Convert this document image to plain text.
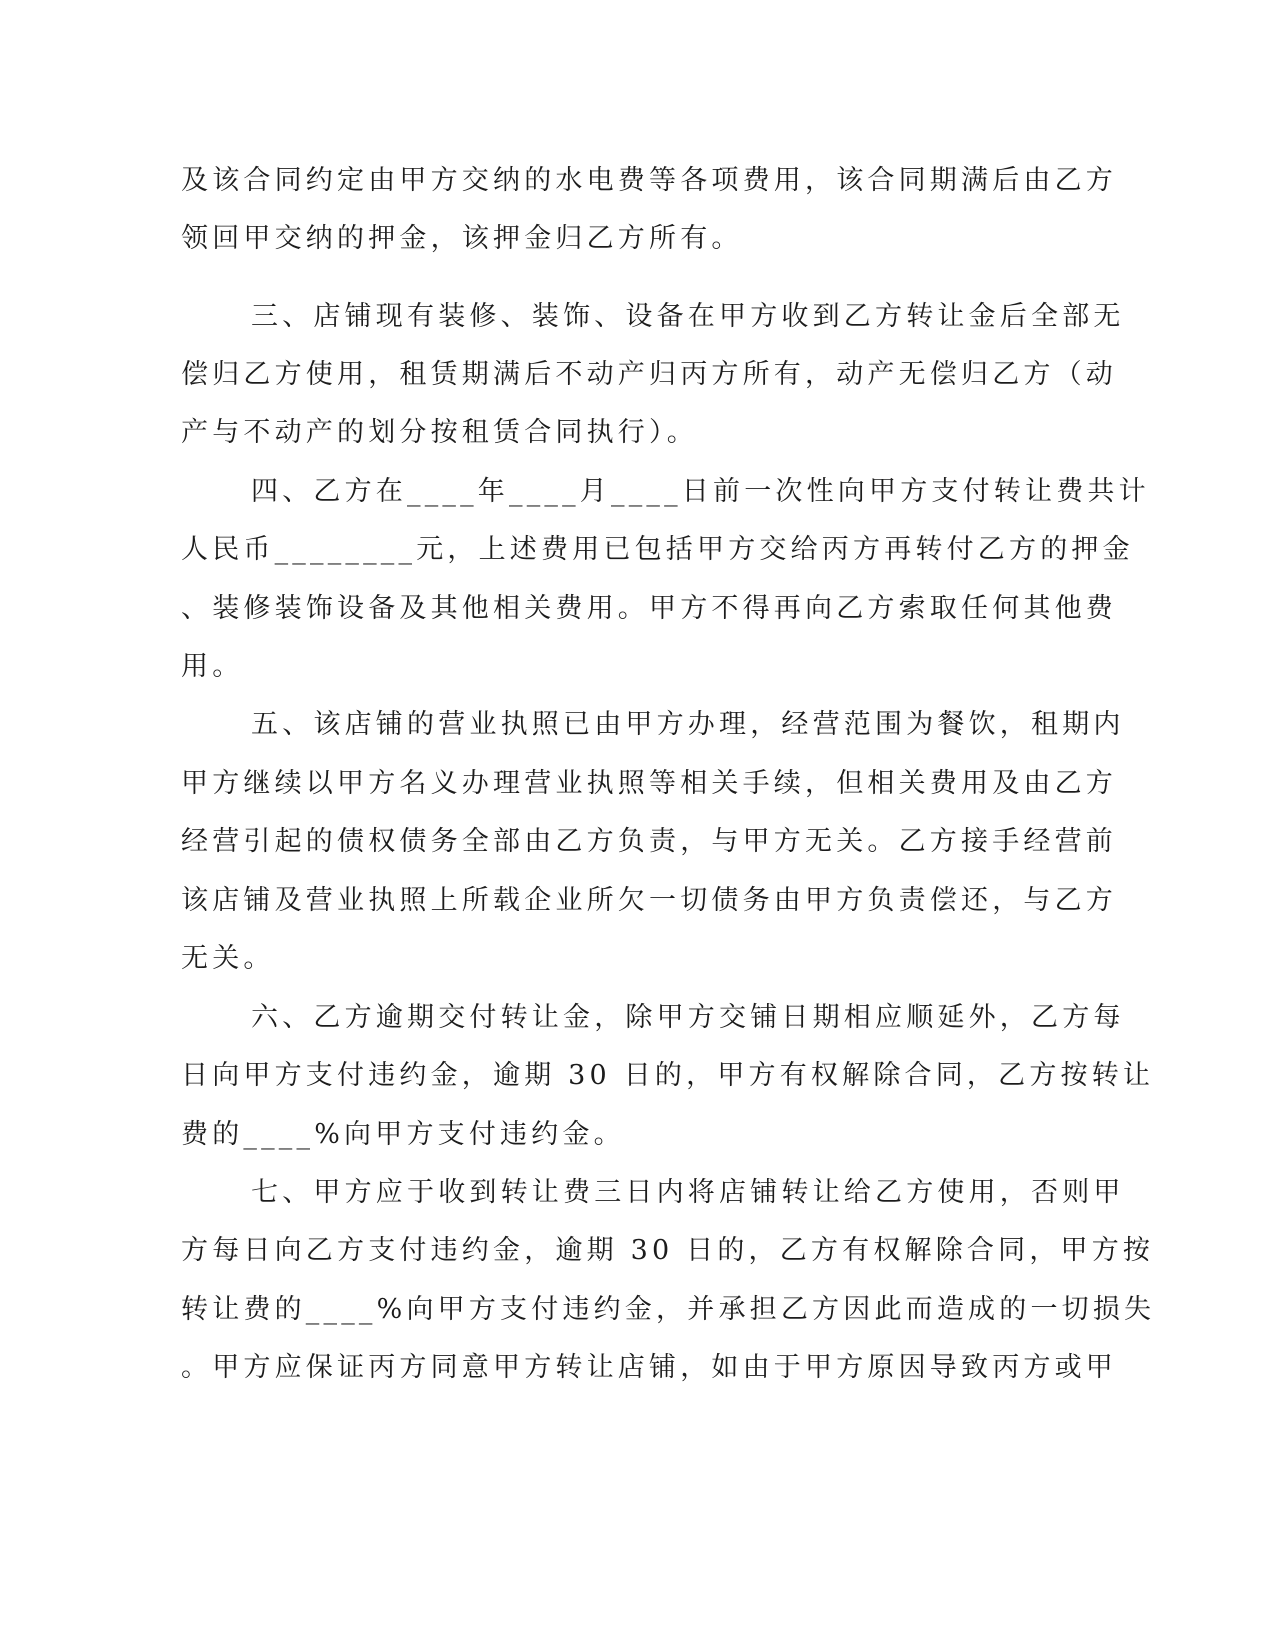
及该合同约定由甲方交纳的水电费等各项费用，该合同期满后由乙方
领回甲交纳的押金，该押金归乙方所有。
三、店铺现有装修、装饰、设备在甲方收到乙方转让金后全部无
偿归乙方使用，租赁期满后不动产归丙方所有，动产无偿归乙方（动
产与不动产的划分按租赁合同执行）。
四、乙方在____年____月____日前一次性向甲方支付转让费共计
人民币________元，上述费用已包括甲方交给丙方再转付乙方的押金
、装修装饰设备及其他相关费用。甲方不得再向乙方索取任何其他费
用。
五、该店铺的营业执照已由甲方办理，经营范围为餐饮，租期内
甲方继续以甲方名义办理营业执照等相关手续，但相关费用及由乙方
经营引起的债权债务全部由乙方负责，与甲方无关。乙方接手经营前
该店铺及营业执照上所载企业所欠一切债务由甲方负责偿还，与乙方
无关。
六、乙方逾期交付转让金，除甲方交铺日期相应顺延外，乙方每
日向甲方支付违约金，逾期 30 日的，甲方有权解除合同，乙方按转让
费的____%向甲方支付违约金。
七、甲方应于收到转让费三日内将店铺转让给乙方使用，否则甲
方每日向乙方支付违约金，逾期 30 日的，乙方有权解除合同，甲方按
转让费的____%向甲方支付违约金，并承担乙方因此而造成的一切损失
。甲方应保证丙方同意甲方转让店铺，如由于甲方原因导致丙方或甲
